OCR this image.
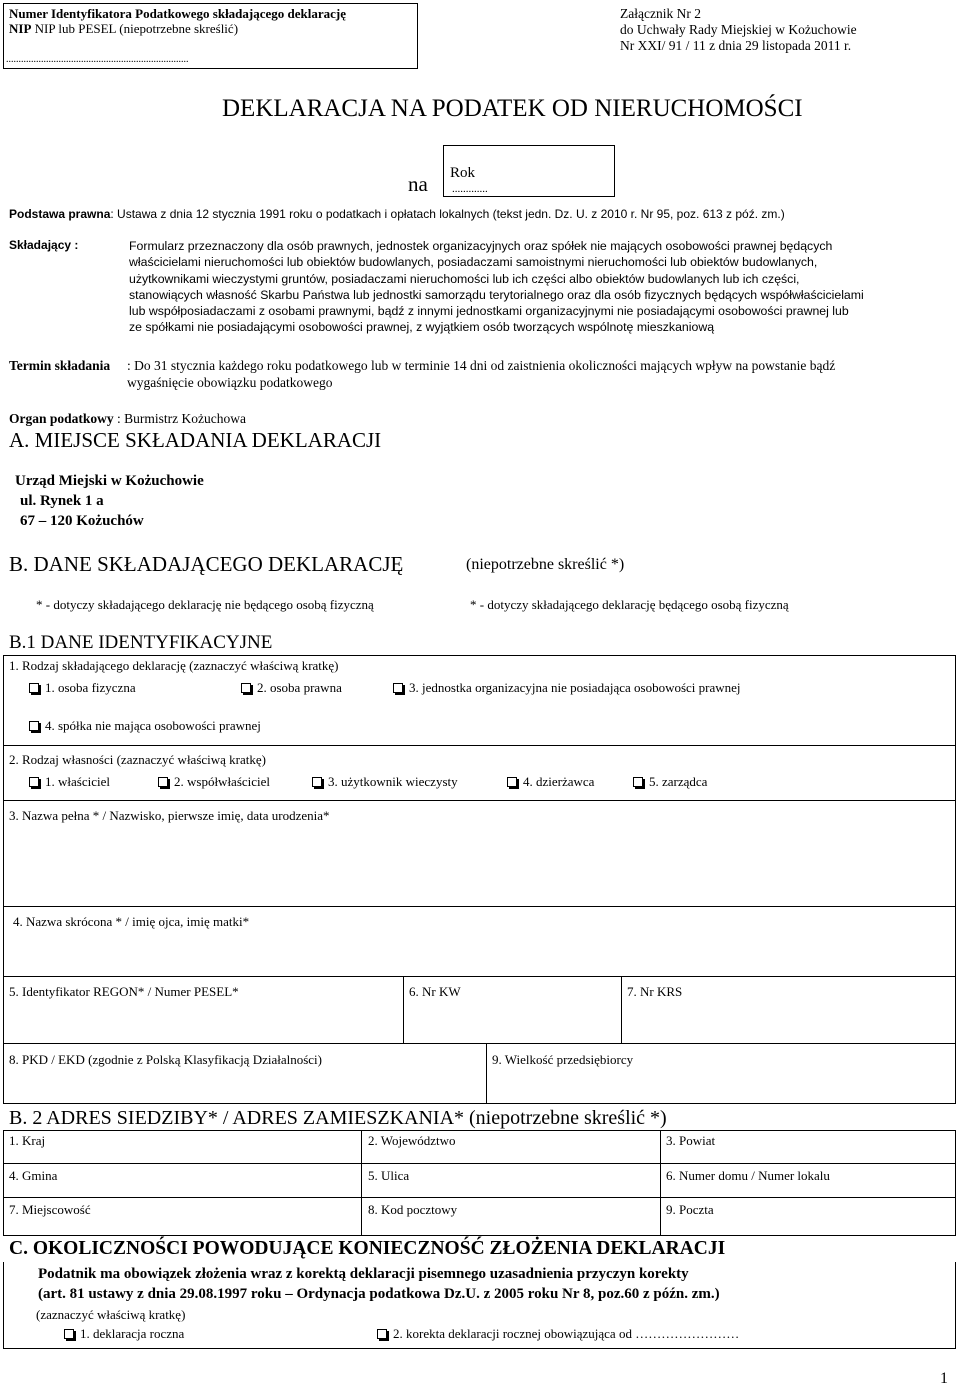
Numer Identyfikatora Podatkowego składającego deklarację
NIP NIP lub PESEL (niepotrzebne skreślić)
.........................................................................
Załącznik Nr 2
do Uchwały Rady Miejskiej w Kożuchowie
Nr XXI/ 91 / 11 z dnia 29 listopada 2011 r.
DEKLARACJA NA PODATEK OD NIERUCHOMOŚCI
na Rok
.............
Podstawa prawna: Ustawa z dnia 12 stycznia 1991 roku o podatkach i opłatach lokalnych (tekst jedn. Dz. U. z 2010 r. Nr 95, poz. 613 z póź. zm.)
Składający :	Formularz przeznaczony dla osób prawnych, jednostek organizacyjnych oraz spółek nie mających osobowości prawnej będących
właścicielami nieruchomości lub obiektów budowlanych, posiadaczami samoistnymi nieruchomości lub obiektów budowlanych,
użytkownikami wieczystymi gruntów, posiadaczami nieruchomości lub ich części albo obiektów budowlanych lub ich części,
stanowiących własność Skarbu Państwa lub jednostki samorządu terytorialnego oraz dla osób fizycznych będących współwłaścicielami
lub współposiadaczami z osobami prawnymi, bądź z innymi jednostkami organizacyjnymi nie posiadającymi osobowości prawnej lub
ze spółkami nie posiadającymi osobowości prawnej, z wyjątkiem osób tworzących wspólnotę mieszkaniową
Termin składania : Do 31 stycznia każdego roku podatkowego lub w terminie 14 dni od zaistnienia okoliczności mających wpływ na powstanie bądź
wygaśnięcie obowiązku podatkowego
Organ podatkowy : Burmistrz Kożuchowa
A. MIEJSCE SKŁADANIA DEKLARACJI
Urząd Miejski w Kożuchowie
ul. Rynek 1 a
67 – 120 Kożuchów
B. DANE SKŁADAJĄCEGO DEKLARACJĘ	(niepotrzebne skreślić *)
* - dotyczy składającego deklarację nie będącego osobą fizyczną	* - dotyczy składającego deklarację będącego osobą fizyczną
B.1 DANE IDENTYFIKACYJNE
1. Rodzaj składającego deklarację (zaznaczyć właściwą kratkę)
1. osoba fizyczna	2. osoba prawna	3. jednostka organizacyjna nie posiadająca osobowości prawnej
4. spółka nie mająca osobowości prawnej
2. Rodzaj własności (zaznaczyć właściwą kratkę)
1. właściciel	2. współwłaściciel	3. użytkownik wieczysty	4. dzierżawca	5. zarządca
3. Nazwa pełna * / Nazwisko, pierwsze imię, data urodzenia*
4. Nazwa skrócona * / imię ojca, imię matki*
5. Identyfikator REGON* / Numer PESEL*	6. Nr KW	7. Nr KRS
8. PKD / EKD (zgodnie z Polską Klasyfikacją Działalności)	9. Wielkość przedsiębiorcy
B. 2 ADRES SIEDZIBY* / ADRES ZAMIESZKANIA* (niepotrzebne skreślić *)
1. Kraj	2. Województwo	3. Powiat
4. Gmina	5. Ulica	6. Numer domu / Numer lokalu
7. Miejscowość	8. Kod pocztowy	9. Poczta
C. OKOLICZNOŚCI POWODUJĄCE KONIECZNOŚĆ ZŁOŻENIA DEKLARACJI
Podatnik ma obowiązek złożenia wraz z korektą deklaracji pisemnego uzasadnienia przyczyn korekty
(art. 81 ustawy z dnia 29.08.1997 roku – Ordynacja podatkowa Dz.U. z 2005 roku Nr 8, poz.60 z późn. zm.)
(zaznaczyć właściwą kratkę)
1. deklaracja roczna	2. korekta deklaracji rocznej obowiązująca od ……………………
1
